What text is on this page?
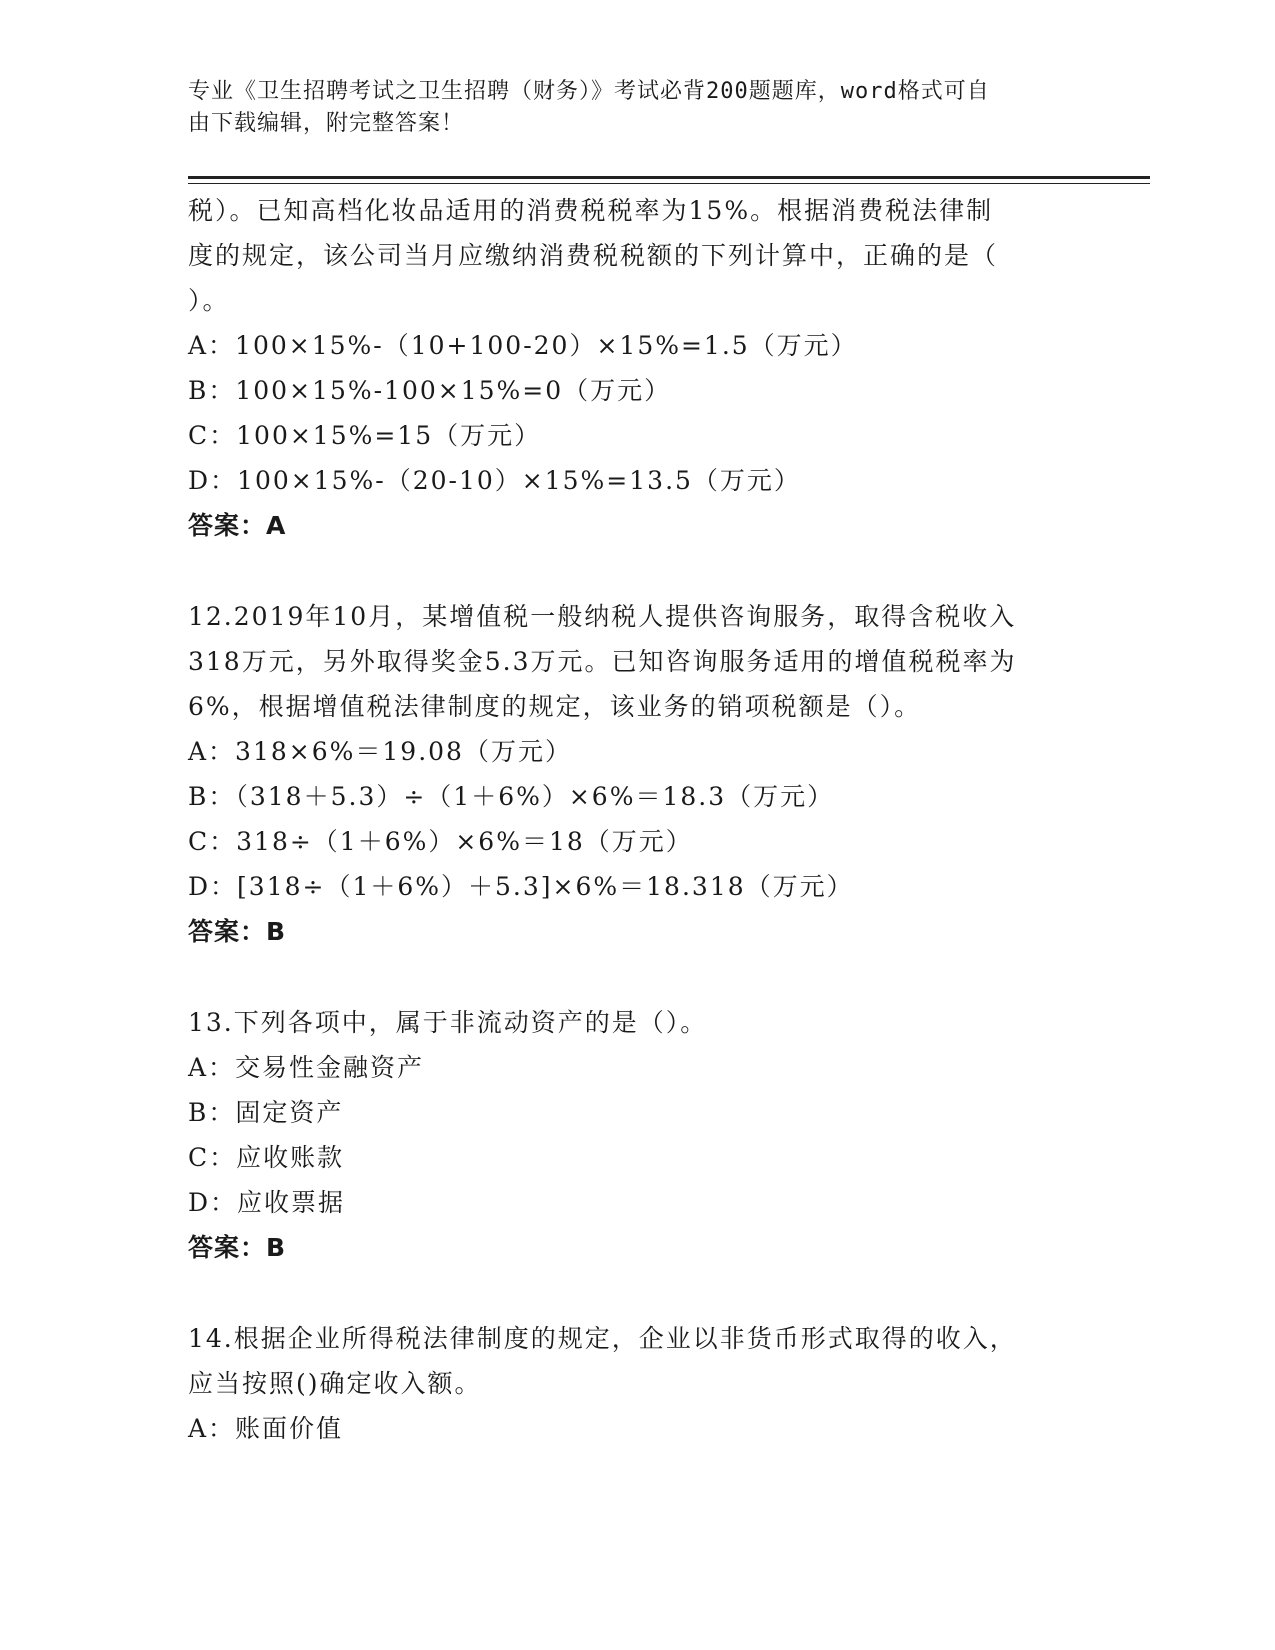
专业《卫生招聘考试之卫生招聘（财务）》考试必背200题题库，word格式可自
由下载编辑，附完整答案！

税）。已知高档化妆品适用的消费税税率为15%。根据消费税法律制

度的规定，该公司当月应缴纳消费税税额的下列计算中，正确的是（

）。

A：100×15%-（10+100-20）×15%=1.5（万元）

B：100×15%-100×15%=0（万元）

C：100×15%=15（万元）

D：100×15%-（20-10）×15%=13.5（万元）

答案：A

12.2019年10月，某增值税一般纳税人提供咨询服务，取得含税收入

318万元，另外取得奖金5.3万元。已知咨询服务适用的增值税税率为

6%，根据增值税法律制度的规定，该业务的销项税额是（）。

A：318×6%＝19.08（万元）

B：（318＋5.3）÷（1＋6%）×6%＝18.3（万元）

C：318÷（1＋6%）×6%＝18（万元）

D：[318÷（1＋6%）＋5.3]×6%＝18.318（万元）

答案：B

13.下列各项中，属于非流动资产的是（）。

A：交易性金融资产

B：固定资产

C：应收账款

D：应收票据

答案：B

14.根据企业所得税法律制度的规定，企业以非货币形式取得的收入，

应当按照()确定收入额。

A：账面价值
